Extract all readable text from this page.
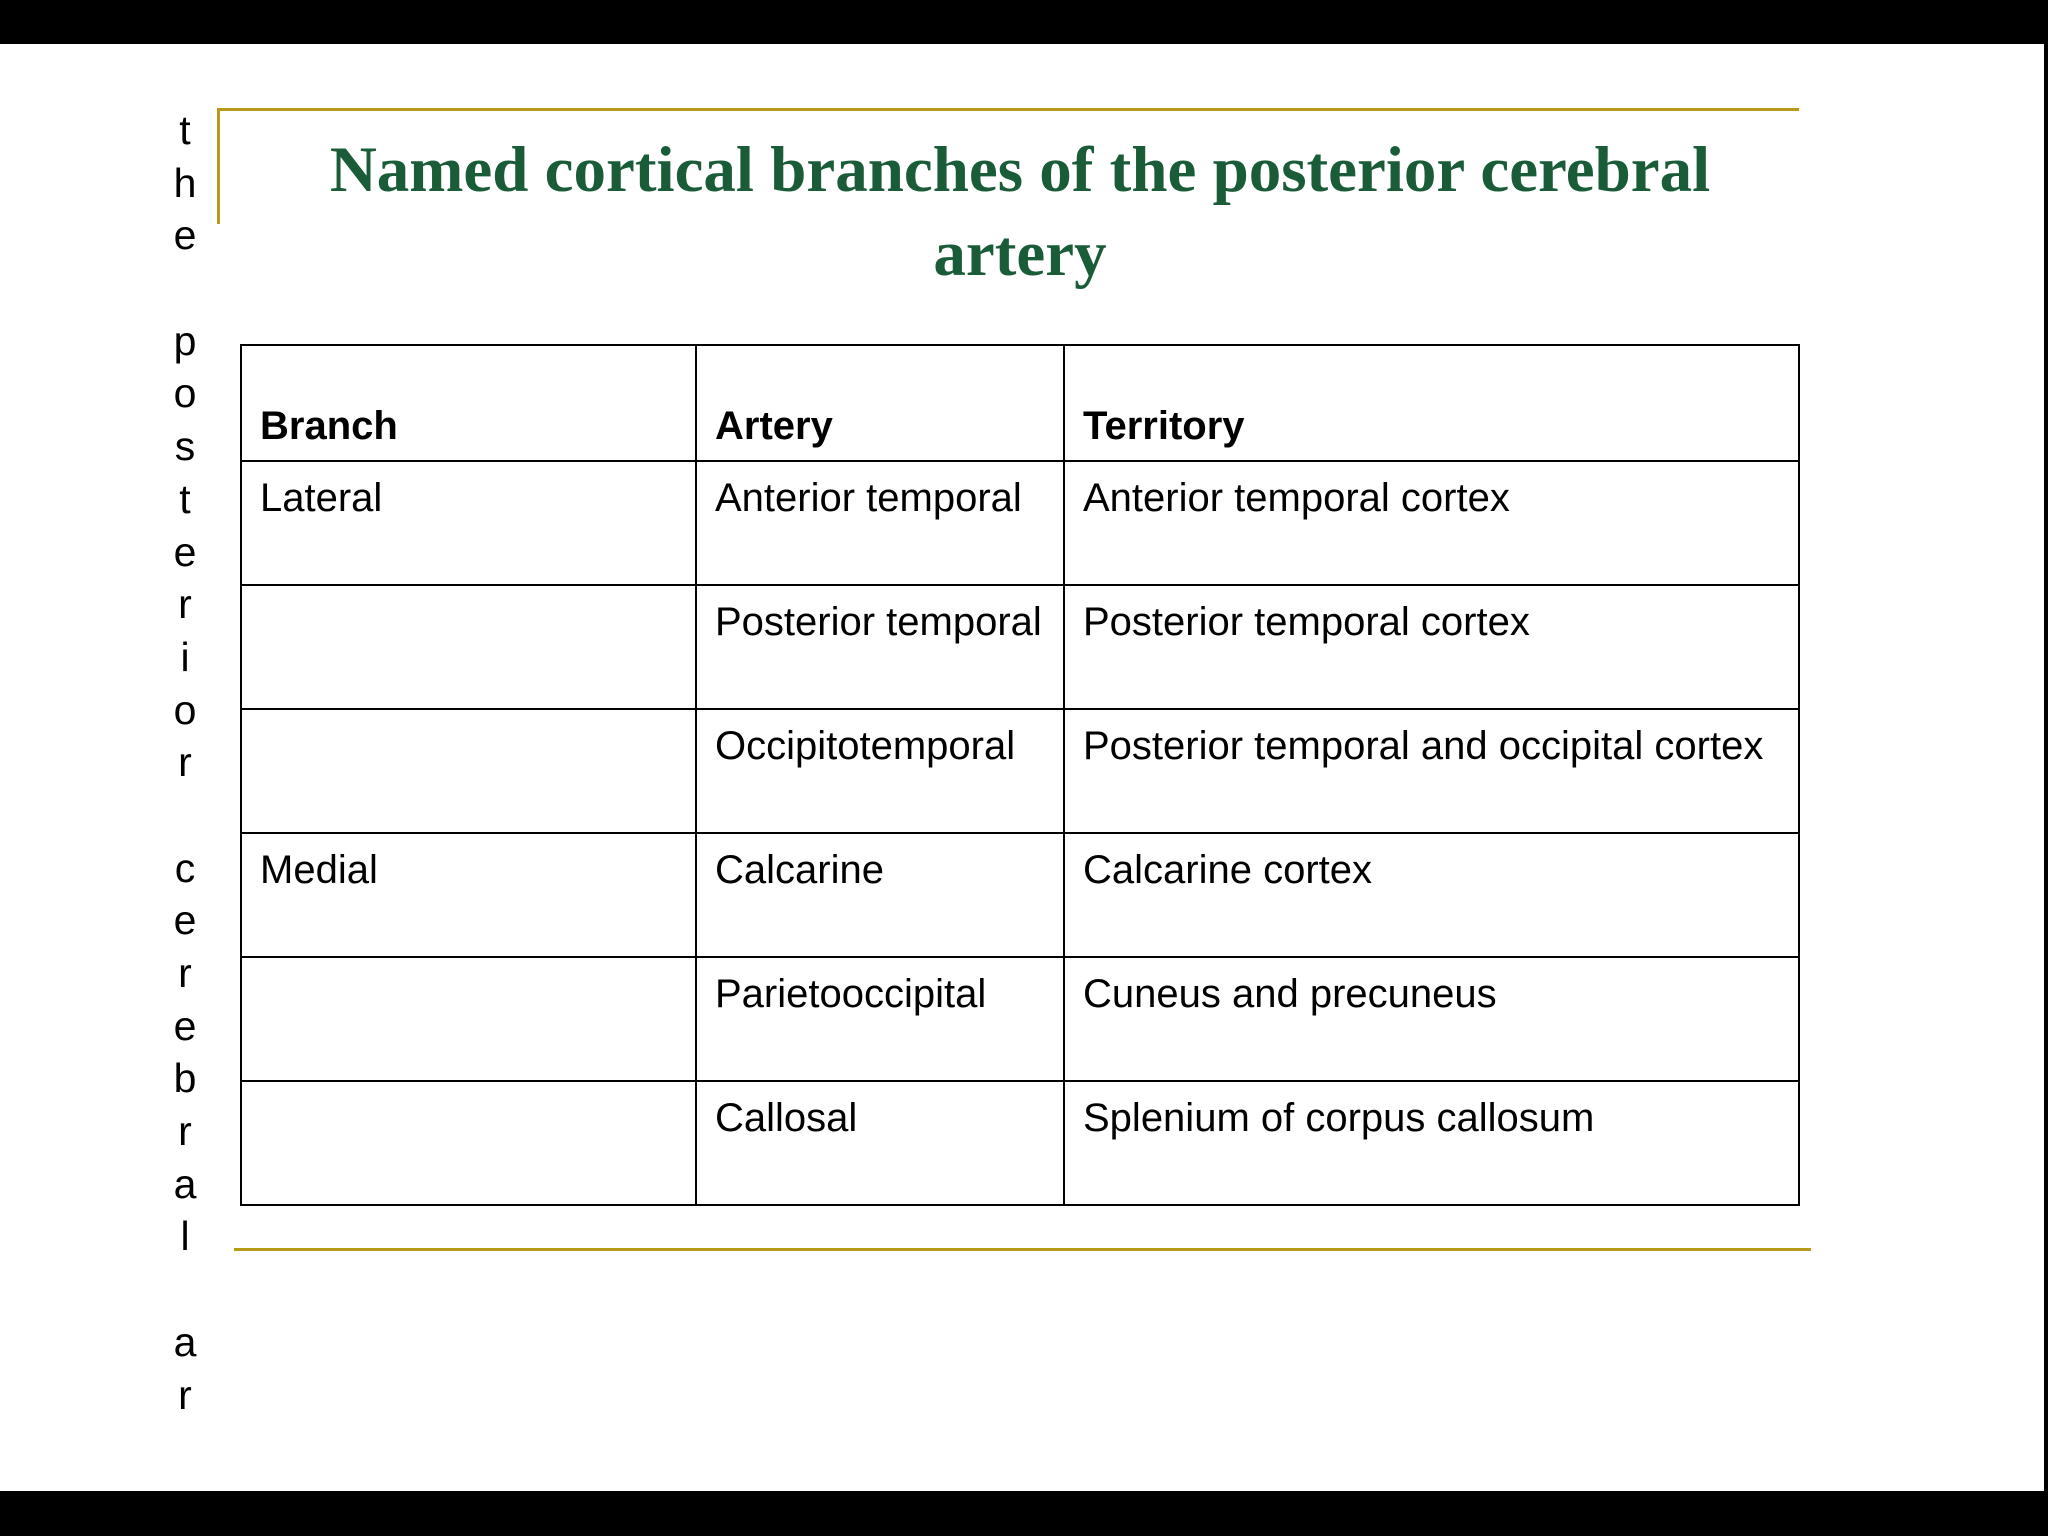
t
h
e
p
o
s
t
e
r
i
o
r
c
e
r
e
b
r
a
l
a
r
Named cortical branches of the posterior cerebral artery
Branch	Artery	Territory
Lateral	Anterior temporal	Anterior temporal cortex
	Posterior temporal	Posterior temporal cortex
	Occipitotemporal	Posterior temporal and occipital cortex
Medial	Calcarine	Calcarine cortex
	Parietooccipital	Cuneus and precuneus
	Callosal	Splenium of corpus callosum
